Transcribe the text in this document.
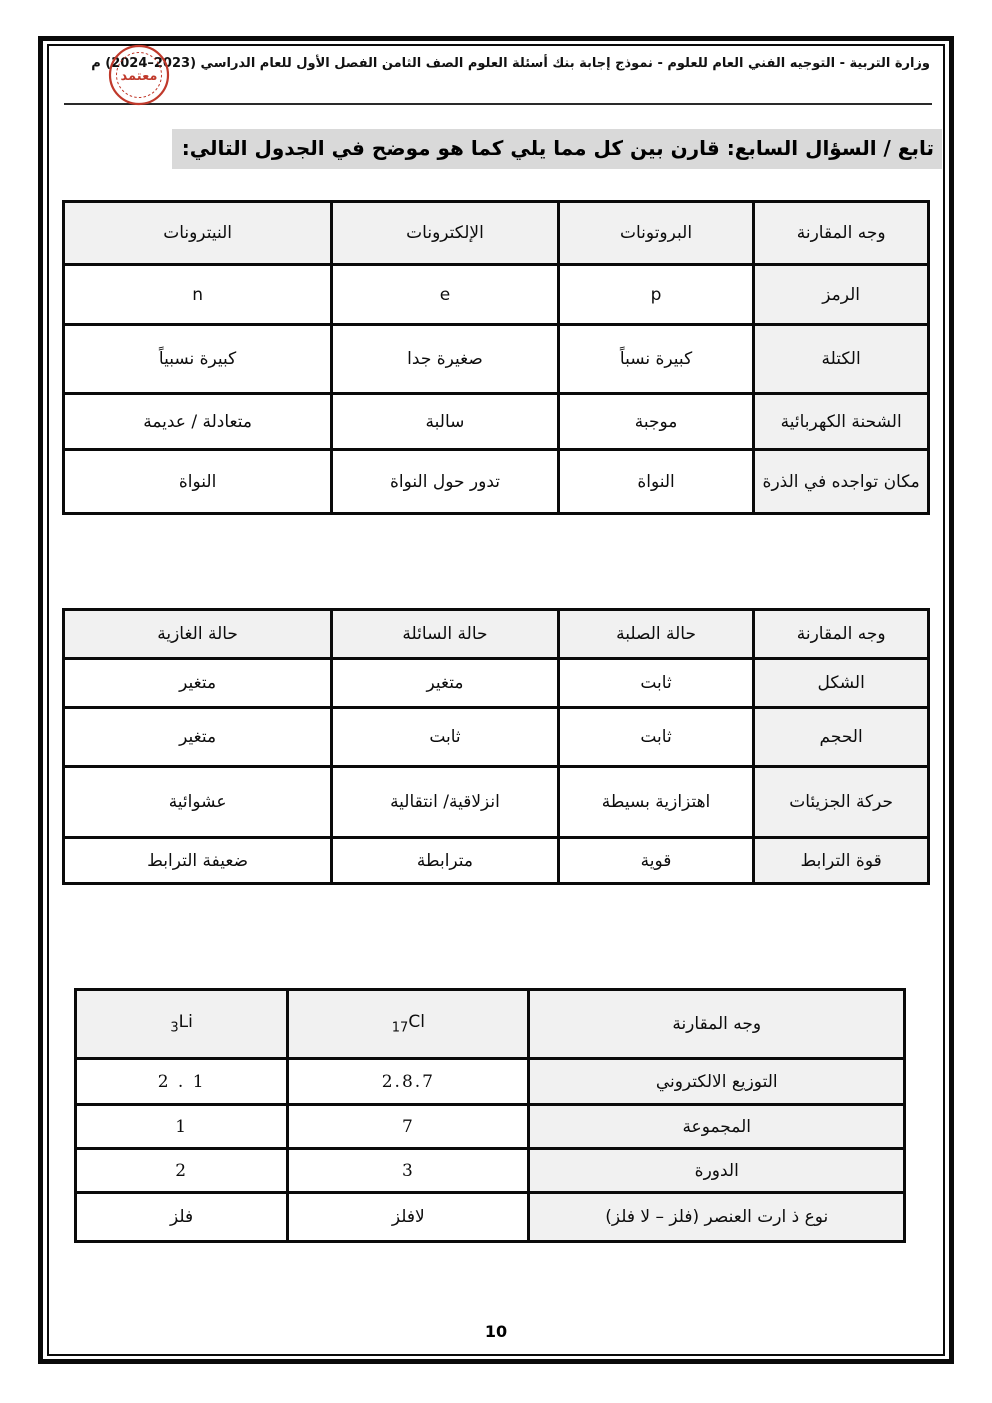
وزارة التربية - التوجيه الفني العام للعلوم - نموذج إجابة بنك أسئلة العلوم الصف الثامن الفصل الأول للعام الدراسي (2023–2024) م
معتمد
تابع / السؤال السابع: قارن بين كل مما يلي كما هو موضح في الجدول التالي:
وجه المقارنة	البروتونات	الإلكترونات	النيترونات
الرمز	p	e	n
الكتلة	كبيرة نسباً	صغيرة جدا	كبيرة نسبياً
الشحنة الكهربائية	موجبة	سالبة	متعادلة / عديمة
مكان تواجده في الذرة	النواة	تدور حول النواة	النواة
وجه المقارنة	حالة الصلبة	حالة السائلة	حالة الغازية
الشكل	ثابت	متغير	متغير
الحجم	ثابت	ثابت	متغير
حركة الجزيئات	اهتزازية بسيطة	انزلاقية/ انتقالية	عشوائية
قوة الترابط	قوية	مترابطة	ضعيفة الترابط
وجه المقارنة	$_{17}$Cl	$_3$Li
التوزيع الالكتروني	2.8.7	2 . 1
المجموعة	7	1
الدورة	3	2
نوع ذ ارت العنصر (فلز – لا فلز)	لافلز	فلز
10
